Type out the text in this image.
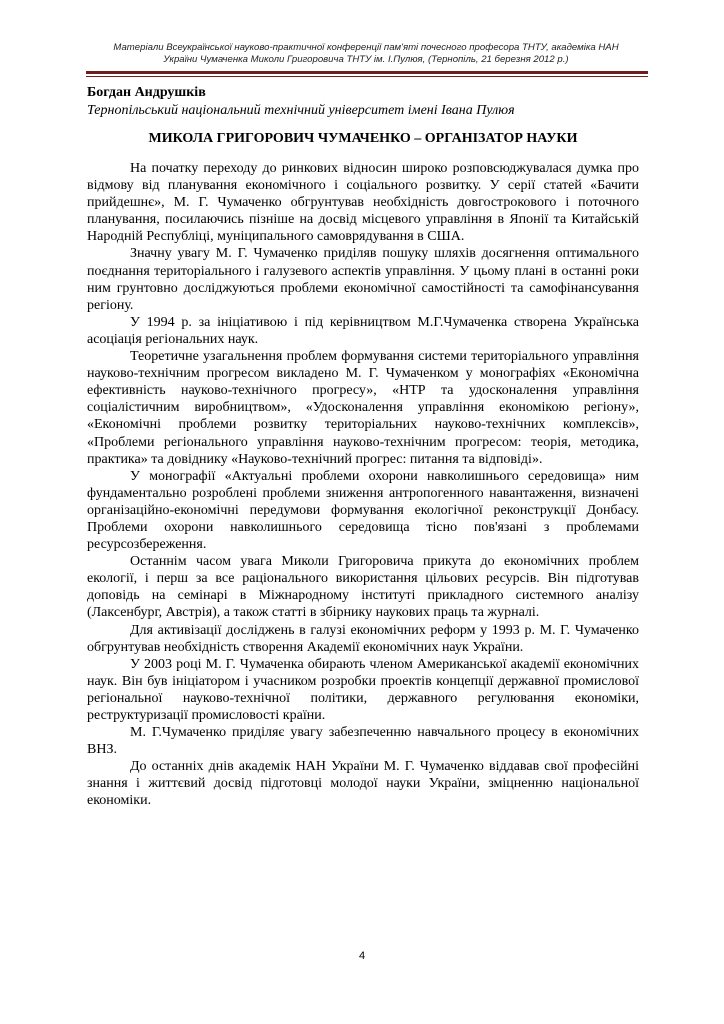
Матеріали Всеукраїнської науково-практичної конференції пам'яті почесного професора ТНТУ, академіка НАН
України Чумаченка Миколи Григоровича ТНТУ ім. І.Пулюя, (Тернопіль, 21 березня 2012 р.)
Богдан Андрушків
Тернопільський національний технічний університет імені Івана Пулюя
МИКОЛА ГРИГОРОВИЧ ЧУМАЧЕНКО – ОРГАНІЗАТОР НАУКИ

На початку переходу до ринкових відносин широко розповсюджувалася думка про відмову від планування економічного і соціального розвитку. У серії статей «Бачити прийдешнє», М. Г. Чумаченко обгрунтував необхідність довгострокового і поточного планування, посилаючись пізніше на досвід місцевого управління в Японії та Китайській Народній Республіці, муніципального самоврядування в США.

Значну увагу М. Г. Чумаченко приділяв пошуку шляхів досягнення оптимального поєднання територіального і галузевого аспектів управління. У цьому плані в останні роки ним грунтовно досліджуються проблеми економічної самостійності та самофінансування регіону.

У 1994 р. за ініціативою і під керівництвом М.Г.Чумаченка створена Українська асоціація регіональних наук.

Теоретичне узагальнення проблем формування системи територіального управління науково-технічним прогресом викладено М. Г. Чумаченком у монографіях «Економічна ефективність науково-технічного прогресу», «НТР та удосконалення управління соціалістичним виробництвом», «Удосконалення управління економікою регіону», «Економічні проблеми розвитку територіальних науково-технічних комплексів», «Проблеми регіонального управління науково-технічним прогресом: теорія, методика, практика» та довіднику «Науково-технічний прогрес: питання та відповіді».

У монографії «Актуальні проблеми охорони навколишнього середовища» ним фундаментально розроблені проблеми зниження антропогенного навантаження, визначені організаційно-економічні передумови формування екологічної реконструкції Донбасу. Проблеми охорони навколишнього середовища тісно пов'язані з проблемами ресурсозбереження.

Останнім часом увага Миколи Григоровича прикута до економічних проблем екології, і перш за все раціонального використання цільових ресурсів. Він підготував доповідь на семінарі в Міжнародному інституті прикладного системного аналізу (Лаксенбург, Австрія), а також статті в збірнику наукових праць та журналі.

Для активізації досліджень в галузі економічних реформ у 1993 р. М. Г. Чумаченко обгрунтував необхідність створення Академії економічних наук України.

У 2003 році М. Г. Чумаченка обирають членом Американської академії економічних наук. Він був ініціатором і учасником розробки проектів концепції державної промислової регіональної науково-технічної політики, державного регулювання економіки, реструктуризації промисловості країни.

М. Г.Чумаченко приділяє увагу забезпеченню навчального процесу в економічних ВНЗ.

До останніх днів академік НАН України М. Г. Чумаченко віддавав свої професійні знання і життєвий досвід підготовці молодої науки України, зміцненню національної економіки.

4
